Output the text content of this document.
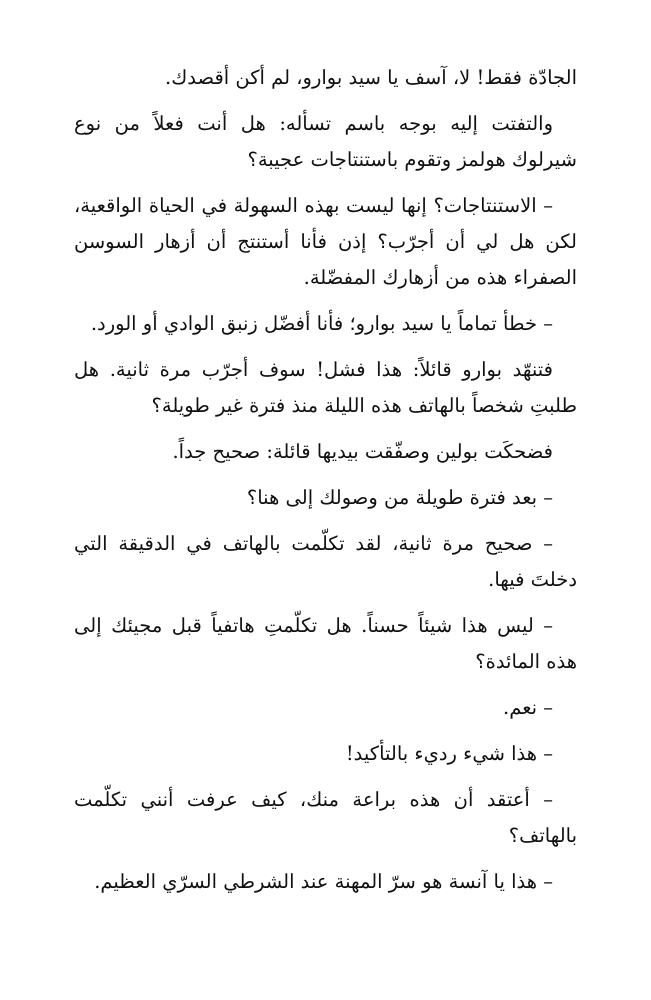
الجادّة فقط! لا، آسف يا سيد بوارو، لم أكن أقصدك.

والتفتت إليه بوجه باسم تسأله: هل أنت فعلاً من نوع شيرلوك هولمز وتقوم باستنتاجات عجيبة؟

– الاستنتاجات؟ إنها ليست بهذه السهولة في الحياة الواقعية، لكن هل لي أن أجرّب؟ إذن فأنا أستنتج أن أزهار السوسن الصفراء هذه من أزهارك المفضّلة.

– خطأ تماماً يا سيد بوارو؛ فأنا أفضّل زنبق الوادي أو الورد.

فتنهّد بوارو قائلاً: هذا فشل! سوف أجرّب مرة ثانية. هل طلبتِ شخصاً بالهاتف هذه الليلة منذ فترة غير طويلة؟

فضحكَت بولين وصفّقت بيديها قائلة: صحيح جداً.

– بعد فترة طويلة من وصولك إلى هنا؟

– صحيح مرة ثانية، لقد تكلّمت بالهاتف في الدقيقة التي دخلتَ فيها.

– ليس هذا شيئاً حسناً. هل تكلّمتِ هاتفياً قبل مجيئك إلى هذه المائدة؟

– نعم.

– هذا شيء رديء بالتأكيد!

– أعتقد أن هذه براعة منك، كيف عرفت أنني تكلّمت بالهاتف؟

– هذا يا آنسة هو سرّ المهنة عند الشرطي السرّي العظيم.
